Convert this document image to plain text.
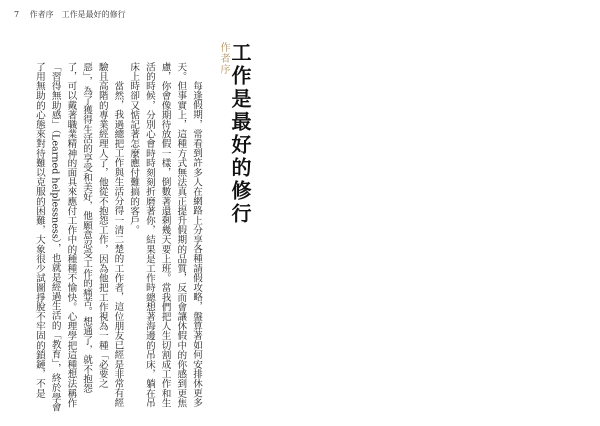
7 作者序　工作是最好的修行
作者序 工作是最好的修行

每逢假期，常看到許多人在網路上分享各種請假攻略，盤算著如何安排休更多天。但事實上，這種方式無法真正提升假期的品質，反而會讓休假中的你感到更焦慮，你會像期待放假一樣，倒數著還剩幾天要上班。當我們把人生切割成工作和生活的時候，分別心會時時刻刻折磨著你，結果是工作時總想著海邊的吊床，躺在吊床上時卻又惦記著怎麼應付難搞的客戶。

當然，我過總把工作與生活分得一清二楚的工作者，這位朋友已經是非常有經驗且高階的專業經理人了，他從不抱怨工作，因為他把工作視為一種「必要之惡」，為了獲得生活的享受和美好，他願意忍受工作的痛苦。想通了，就不抱怨了，可以戴著職業精神的面具來應付工作中的種種不愉快。心理學把這種想法稱作「習得無助感」（Learned helplessness），也就是經過生活的「教育」，終於學會了用無助的心態來對待難以克服的困難，大象很少試圖掙脫不牢固的鎖鏈，不是
